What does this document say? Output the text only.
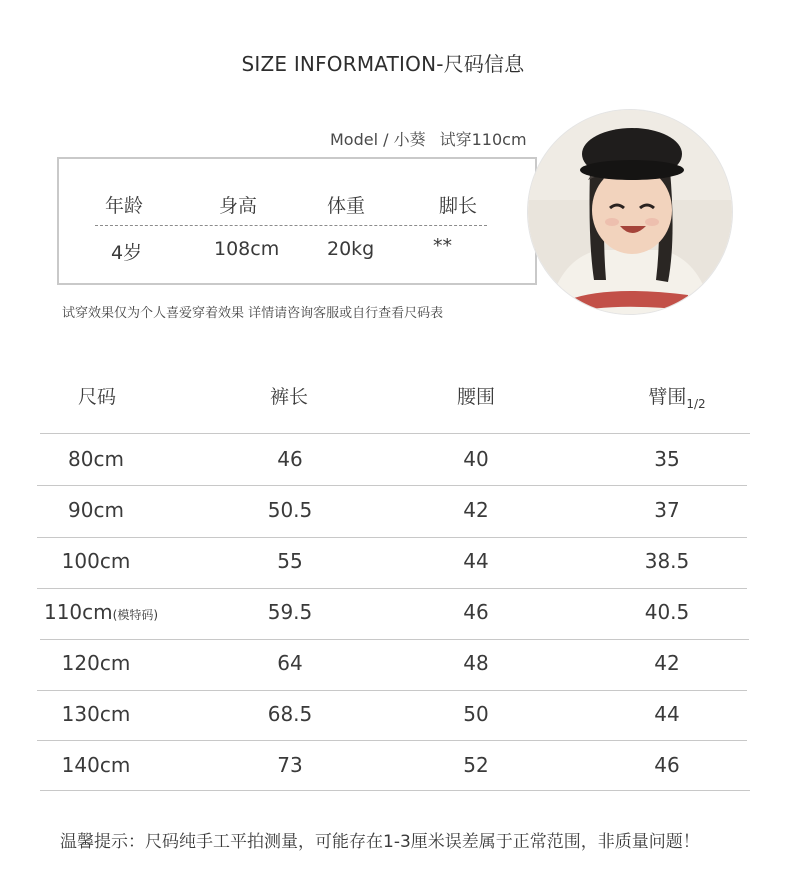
SIZE INFORMATION-尺码信息
Model / 小葵 试穿110cm
年龄	身高	体重	脚长
4岁	108cm	20kg	**
试穿效果仅为个人喜爱穿着效果 详情请咨询客服或自行查看尺码表
尺码	裤长	腰围	臂围$_{1/2}$
80cm	46	40	35
90cm	50.5	42	37
100cm	55	44	38.5
110cm(模特码)	59.5	46	40.5
120cm	64	48	42
130cm	68.5	50	44
140cm	73	52	46
温馨提示：尺码纯手工平拍测量，可能存在1-3厘米误差属于正常范围，非质量问题！
